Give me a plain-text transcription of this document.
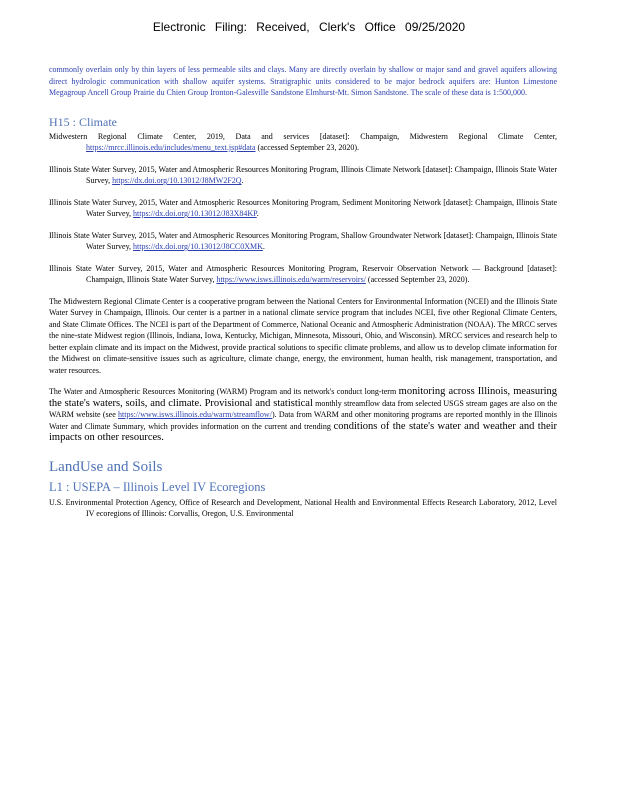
Electronic Filing: Received, Clerk's Office 09/25/2020

commonly overlain only by thin layers of less permeable silts and clays. Many are directly overlain by shallow or major sand and gravel aquifers allowing direct hydrologic communication with shallow aquifer systems. Stratigraphic units considered to be major bedrock aquifers are: Hunton Limestone Megagroup Ancell Group Prairie du Chien Group Ironton-Galesville Sandstone Elmhurst-Mt. Simon Sandstone. The scale of these data is 1:500,000.

H15 : Climate

Midwestern Regional Climate Center, 2019, Data and services [dataset]: Champaign, Midwestern Regional Climate Center, https://mrcc.illinois.edu/includes/menu_text.jsp#data (accessed September 23, 2020).

Illinois State Water Survey, 2015, Water and Atmospheric Resources Monitoring Program, Illinois Climate Network [dataset]: Champaign, Illinois State Water Survey, https://dx.doi.org/10.13012/J8MW2F2Q.

Illinois State Water Survey, 2015, Water and Atmospheric Resources Monitoring Program, Sediment Monitoring Network [dataset]: Champaign, Illinois State Water Survey, https://dx.doi.org/10.13012/J83X84KP.

Illinois State Water Survey, 2015, Water and Atmospheric Resources Monitoring Program, Shallow Groundwater Network [dataset]: Champaign, Illinois State Water Survey, https://dx.doi.org/10.13012/J8CC0XMK.

Illinois State Water Survey, 2015, Water and Atmospheric Resources Monitoring Program, Reservoir Observation Network — Background [dataset]: Champaign, Illinois State Water Survey, https://www.isws.illinois.edu/warm/reservoirs/ (accessed September 23, 2020).

The Midwestern Regional Climate Center is a cooperative program between the National Centers for Environmental Information (NCEI) and the Illinois State Water Survey in Champaign, Illinois. Our center is a partner in a national climate service program that includes NCEI, five other Regional Climate Centers, and State Climate Offices. The NCEI is part of the Department of Commerce, National Oceanic and Atmospheric Administration (NOAA). The MRCC serves the nine-state Midwest region (Illinois, Indiana, Iowa, Kentucky, Michigan, Minnesota, Missouri, Ohio, and Wisconsin). MRCC services and research help to better explain climate and its impact on the Midwest, provide practical solutions to specific climate problems, and allow us to develop climate information for the Midwest on climate-sensitive issues such as agriculture, climate change, energy, the environment, human health, risk management, transportation, and water resources.

The Water and Atmospheric Resources Monitoring (WARM) Program and its network's conduct long-term monitoring across Illinois, measuring the state's waters, soils, and climate. Provisional and statistical monthly streamflow data from selected USGS stream gages are also on the WARM website (see https://www.isws.illinois.edu/warm/streamflow/). Data from WARM and other monitoring programs are reported monthly in the Illinois Water and Climate Summary, which provides information on the current and trending conditions of the state's water and weather and their impacts on other resources.

LandUse and Soils
L1 : USEPA – Illinois Level IV Ecoregions

U.S. Environmental Protection Agency, Office of Research and Development, National Health and Environmental Effects Research Laboratory, 2012, Level IV ecoregions of Illinois: Corvallis, Oregon, U.S. Environmental
